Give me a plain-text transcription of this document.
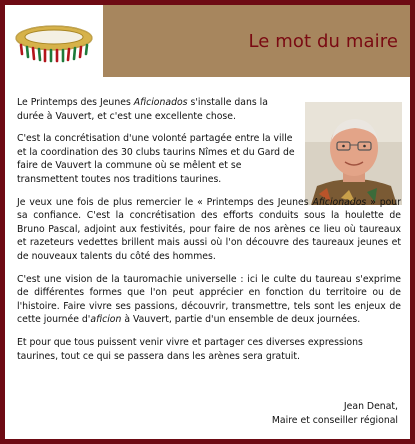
Le mot du maire

Le Printemps des Jeunes Aficionados s'installe dans la durée à Vauvert, et c'est une excellente chose.

C'est la concrétisation d'une volonté partagée entre la ville et la coordination des 30 clubs taurins Nîmes et du Gard de faire de Vauvert la commune où se mêlent et se transmettent toutes nos traditions taurines.

Je veux une fois de plus remercier le « Printemps des Jeunes Aficionados » pour sa confiance. C'est la concrétisation des efforts conduits sous la houlette de Bruno Pascal, adjoint aux festivités, pour faire de nos arènes ce lieu où taureaux et razeteurs vedettes brillent mais aussi où l'on découvre des taureaux jeunes et de nouveaux talents du côté des hommes.

C'est une vision de la tauromachie universelle : ici le culte du taureau s'exprime de différentes formes que l'on peut apprécier en fonction du territoire ou de l'histoire. Faire vivre ses passions, découvrir, transmettre, tels sont les enjeux de cette journée d'aficion à Vauvert, partie d'un ensemble de deux journées.

Et pour que tous puissent venir vivre et partager ces diverses expressions taurines, tout ce qui se passera dans les arènes sera gratuit.

Jean Denat,
Maire et conseiller régional
